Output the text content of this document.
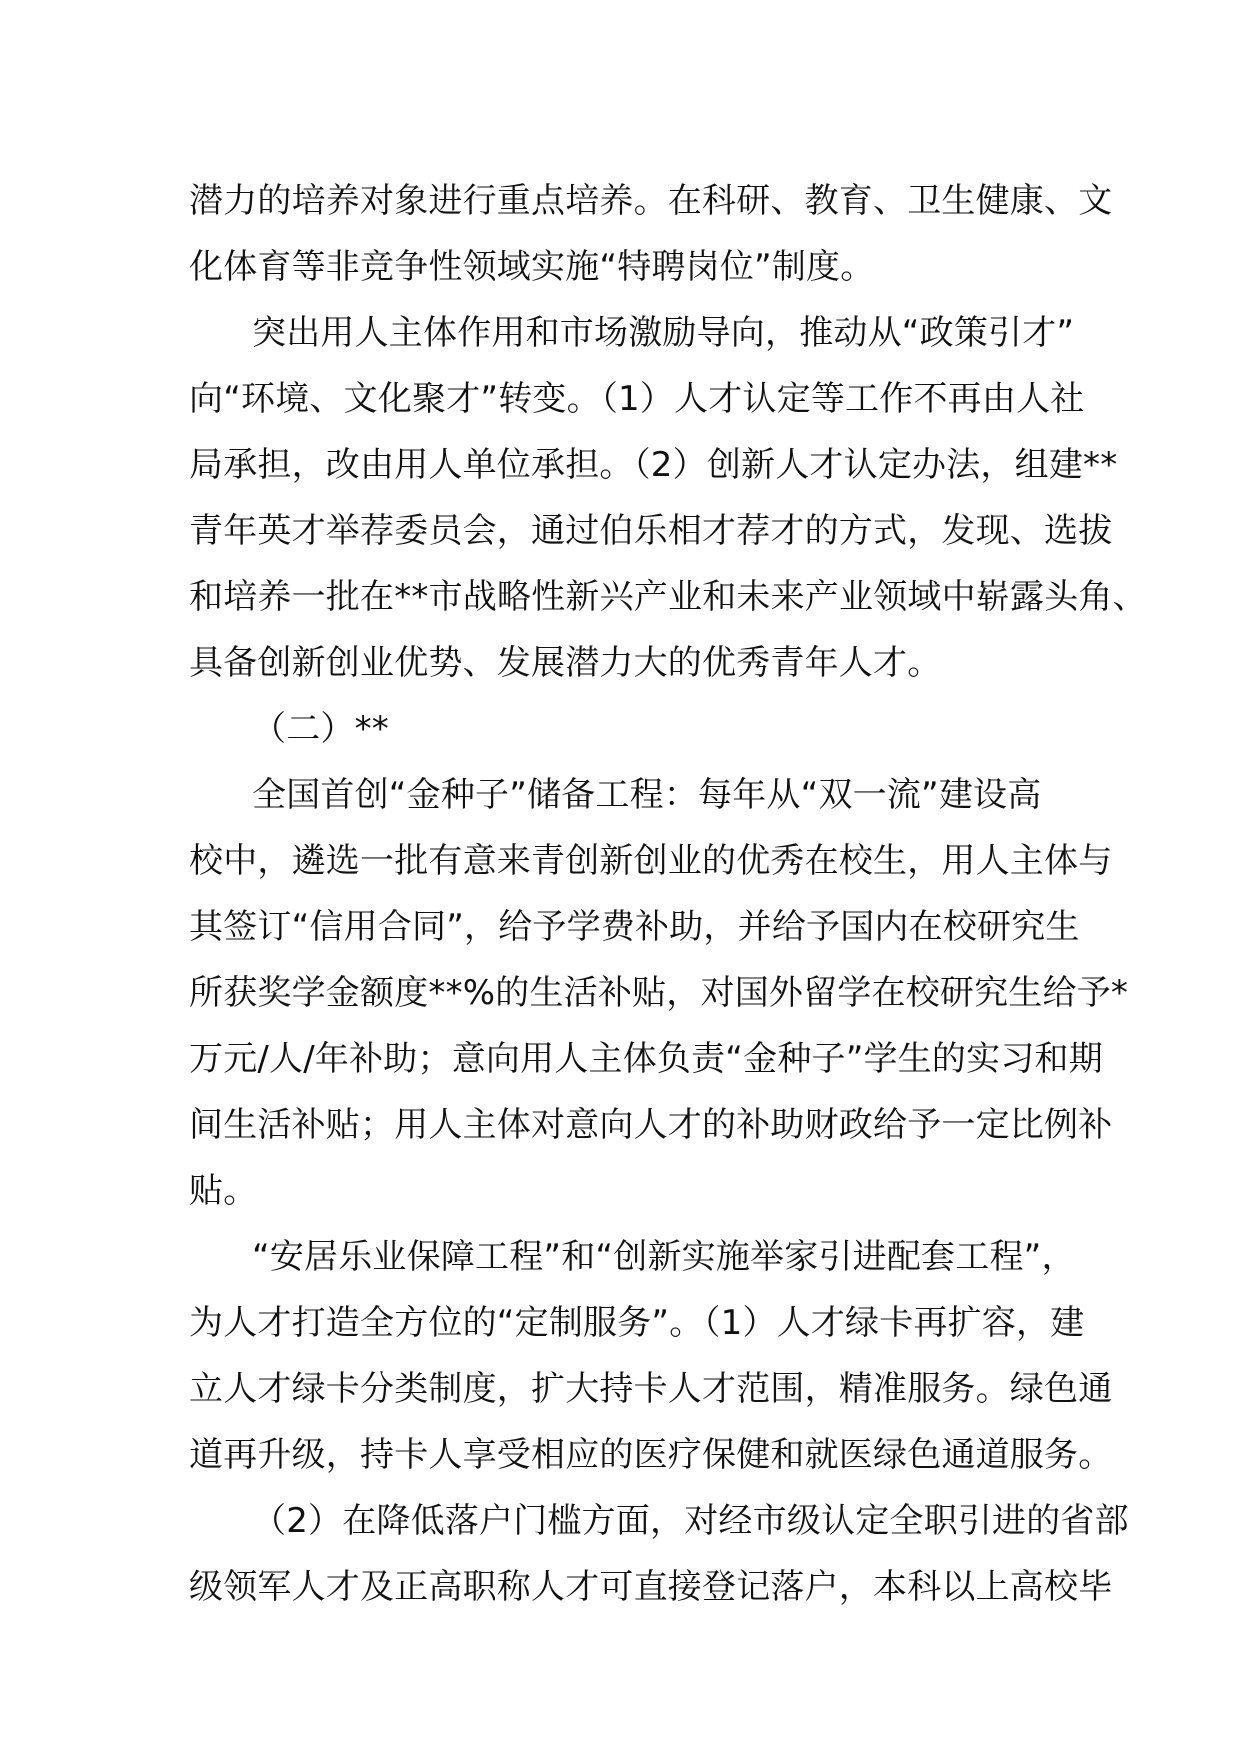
潜力的培养对象进行重点培养。在科研、教育、卫生健康、文
化体育等非竞争性领域实施“特聘岗位”制度。
突出用人主体作用和市场激励导向，推动从“政策引才”
向“环境、文化聚才”转变。（1）人才认定等工作不再由人社
局承担，改由用人单位承担。（2）创新人才认定办法，组建**
青年英才举荐委员会，通过伯乐相才荐才的方式，发现、选拔
和培养一批在**市战略性新兴产业和未来产业领域中崭露头角、
具备创新创业优势、发展潜力大的优秀青年人才。
（二）**
全国首创“金种子”储备工程：每年从“双一流”建设高
校中，遴选一批有意来青创新创业的优秀在校生，用人主体与
其签订“信用合同”，给予学费补助，并给予国内在校研究生
所获奖学金额度**%的生活补贴，对国外留学在校研究生给予*
万元/人/年补助；意向用人主体负责“金种子”学生的实习和期
间生活补贴；用人主体对意向人才的补助财政给予一定比例补
贴。
“安居乐业保障工程”和“创新实施举家引进配套工程”，
为人才打造全方位的“定制服务”。（1）人才绿卡再扩容，建
立人才绿卡分类制度，扩大持卡人才范围，精准服务。绿色通
道再升级，持卡人享受相应的医疗保健和就医绿色通道服务。
（2）在降低落户门槛方面，对经市级认定全职引进的省部
级领军人才及正高职称人才可直接登记落户，本科以上高校毕
